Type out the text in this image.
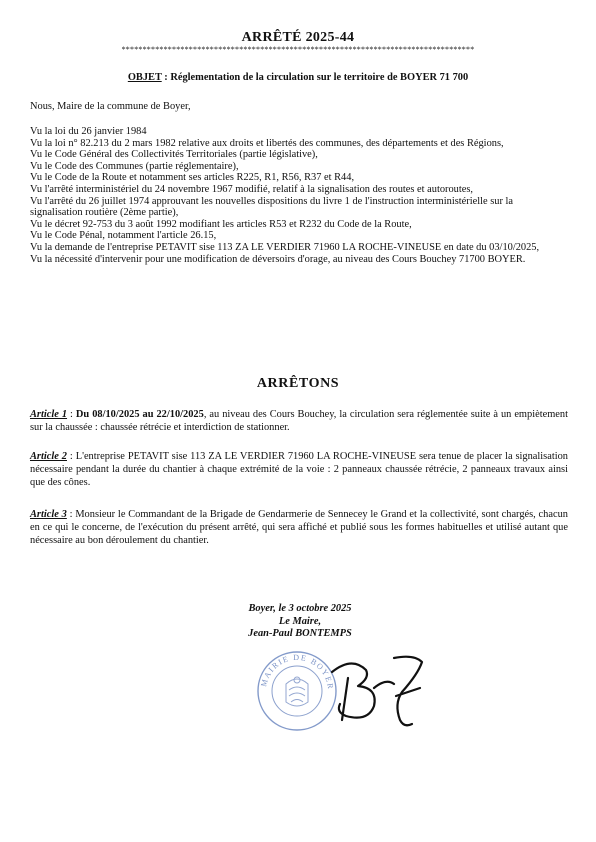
ARRÊTÉ 2025-44
************************************************************************************
OBJET : Réglementation de la circulation sur le territoire de BOYER 71 700
Nous, Maire de la commune de Boyer,

Vu la loi du 26 janvier 1984

Vu la loi n° 82.213 du 2 mars 1982 relative aux droits et libertés des communes, des départements et des Régions,

Vu le Code Général des Collectivités Territoriales (partie législative),

Vu le Code des Communes (partie réglementaire),

Vu le Code de la Route et notamment ses articles R225, R1, R56, R37 et R44,

Vu l'arrêté interministériel du 24 novembre 1967 modifié, relatif à la signalisation des routes et autoroutes,

Vu l'arrêté du 26 juillet 1974 approuvant les nouvelles dispositions du livre 1 de l'instruction interministérielle sur la signalisation routière (2ème partie),

Vu le décret 92-753 du 3 août 1992 modifiant les articles R53 et R232 du Code de la Route,

Vu le Code Pénal, notamment l'article 26.15,

Vu la demande de l'entreprise PETAVIT sise 113 ZA LE VERDIER 71960 LA ROCHE-VINEUSE en date du 03/10/2025,

Vu la nécessité d'intervenir pour une modification de déversoirs d'orage, au niveau des Cours Bouchey 71700 BOYER.

ARRÊTONS

Article 1 : Du 08/10/2025 au 22/10/2025, au niveau des Cours Bouchey, la circulation sera réglementée suite à un empiètement sur la chaussée : chaussée rétrécie et interdiction de stationner.

Article 2 : L'entreprise PETAVIT sise 113 ZA LE VERDIER 71960 LA ROCHE-VINEUSE sera tenue de placer la signalisation nécessaire pendant la durée du chantier à chaque extrémité de la voie : 2 panneaux chaussée rétrécie, 2 panneaux travaux ainsi que des cônes.

Article 3 : Monsieur le Commandant de la Brigade de Gendarmerie de Sennecey le Grand et la collectivité, sont chargés, chacun en ce qui le concerne, de l'exécution du présent arrêté, qui sera affiché et publié sous les formes habituelles et utilisé autant que nécessaire au bon déroulement du chantier.

Boyer, le 3 octobre 2025

Le Maire,

Jean-Paul BONTEMPS

MAIRIE DE BOYER
